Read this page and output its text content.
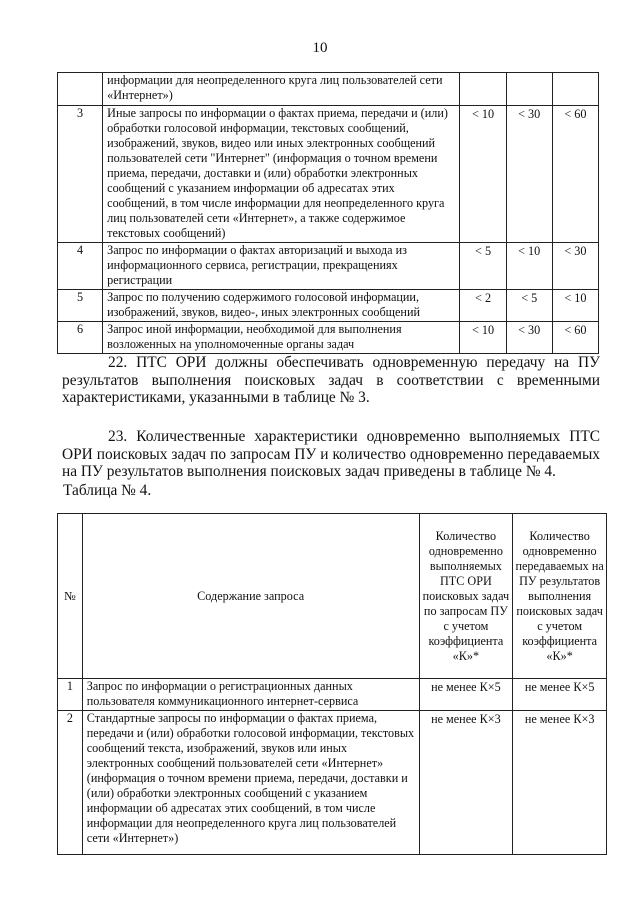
10
	информации для неопределенного круга лиц пользователей сети «Интернет»)			
3	Иные запросы по информации о фактах приема, передачи и (или) обработки голосовой информации, текстовых сообщений, изображений, звуков, видео или иных электронных сообщений пользователей сети "Интернет" (информация о точном времени приема, передачи, доставки и (или) обработки электронных сообщений с указанием информации об адресатах этих сообщений, в том числе информации для неопределенного круга лиц пользователей сети «Интернет», а также содержимое текстовых сообщений)	< 10	< 30	< 60
4	Запрос по информации о фактах авторизаций и выхода из информационного сервиса, регистрации, прекращениях регистрации	< 5	< 10	< 30
5	Запрос по получению содержимого голосовой информации, изображений, звуков, видео-, иных электронных сообщений	< 2	< 5	< 10
6	Запрос иной информации, необходимой для выполнения возложенных на уполномоченные органы задач	< 10	< 30	< 60
22. ПТС ОРИ должны обеспечивать одновременную передачу на ПУ результатов выполнения поисковых задач в соответствии с временными характеристиками, указанными в таблице № 3.
23. Количественные характеристики одновременно выполняемых ПТС ОРИ поисковых задач по запросам ПУ и количество одновременно передаваемых на ПУ результатов выполнения поисковых задач приведены в таблице № 4.
Таблица № 4.
№	Содержание запроса	Количество одновременно выполняемых ПТС ОРИ поисковых задач по запросам ПУ с учетом коэффициента «К»*	Количество одновременно передаваемых на ПУ результатов выполнения поисковых задач с учетом коэффициента «К»*
1	Запрос по информации о регистрационных данных пользователя коммуникационного интернет-сервиса	не менее К×5	не менее К×5
2	Стандартные запросы по информации о фактах приема, передачи и (или) обработки голосовой информации, текстовых сообщений текста, изображений, звуков или иных электронных сообщений пользователей сети «Интернет» (информация о точном времени приема, передачи, доставки и (или) обработки электронных сообщений с указанием информации об адресатах этих сообщений, в том числе информации для неопределенного круга лиц пользователей сети «Интернет»)	не менее К×3	не менее К×3
